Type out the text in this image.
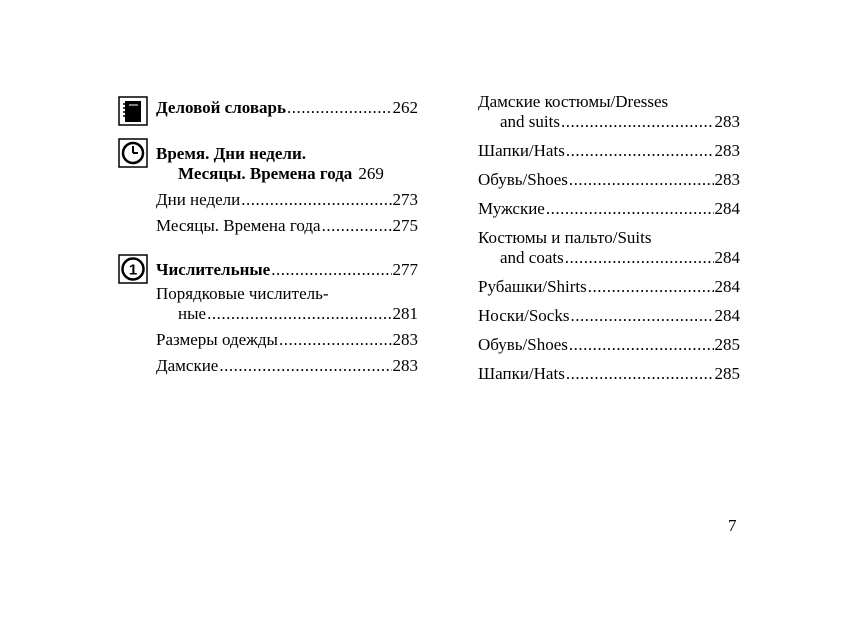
Деловой словарь .....	262
Время. Дни недели.
Месяцы. Времена года 269
Дни недели .....	273
Месяцы. Времена года .....	275
1 Числительные .....	277
Порядковые числитель-
ные .....	281
Размеры одежды .....	283
Дамские .....	283
Дамские костюмы/Dresses
and suits .....	283
Шапки/Hats .....	283
Обувь/Shoes .....	283
Мужские .....	284
Костюмы и пальто/Suits
and coats .....	284
Рубашки/Shirts .....	284
Носки/Socks .....	284
Обувь/Shoes .....	285
Шапки/Hats .....	285
7
